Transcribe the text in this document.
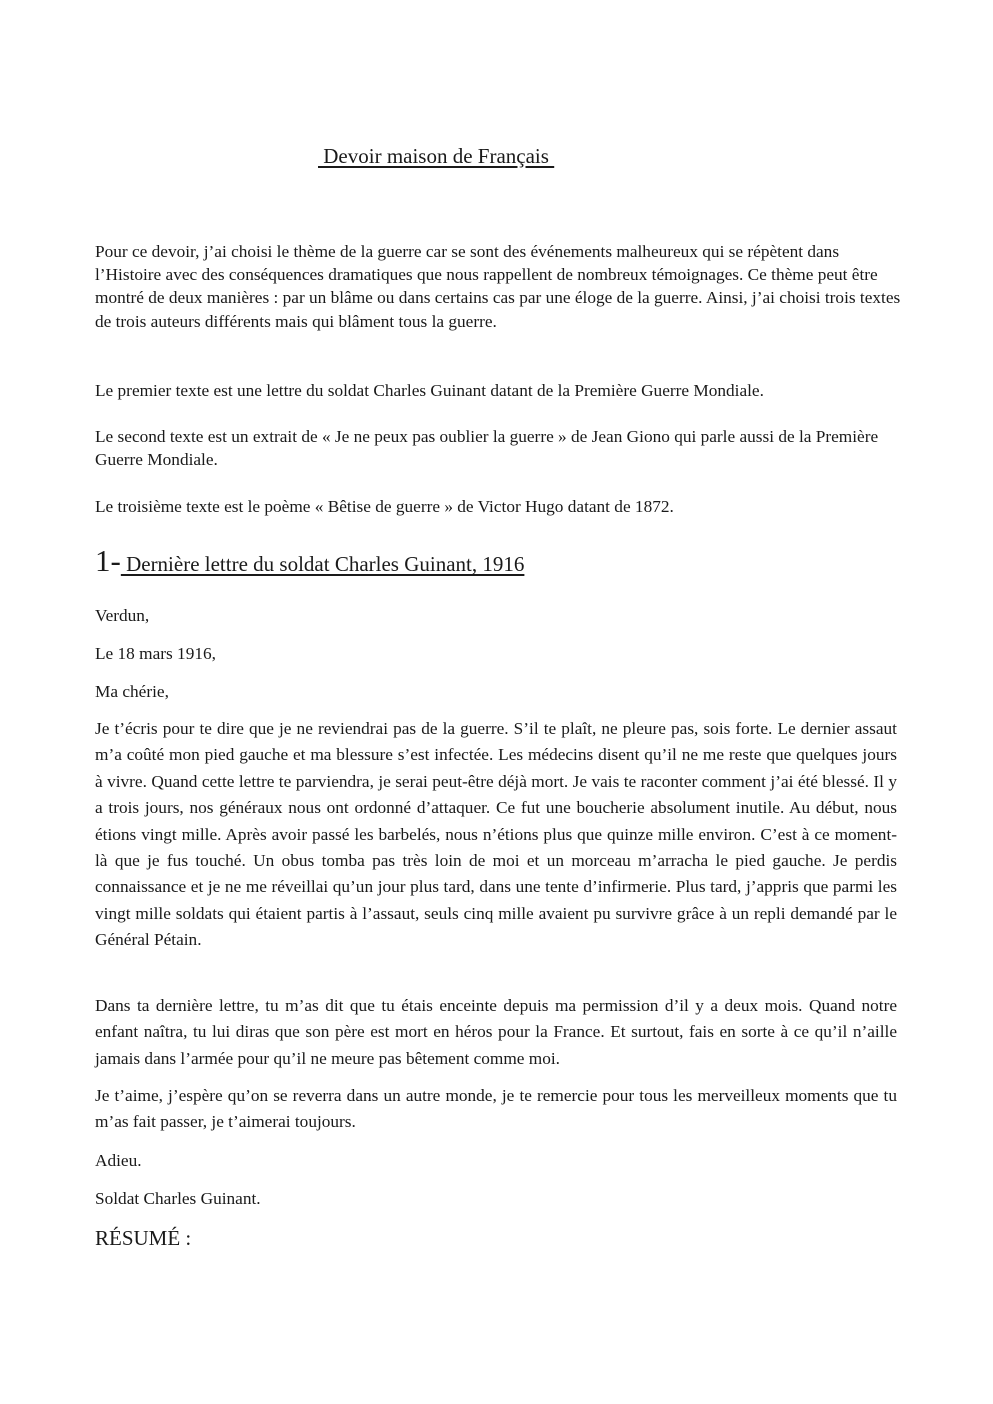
Devoir maison de Français

Pour ce devoir, j’ai choisi le thème de la guerre car se sont des événements malheureux qui se répètent dans l’Histoire avec des conséquences dramatiques que nous rappellent de nombreux témoignages. Ce thème peut être montré de deux manières : par un blâme ou dans certains cas par une éloge de la guerre. Ainsi, j’ai choisi trois textes de trois auteurs différents mais qui blâment tous la guerre.

Le premier texte est une lettre du soldat Charles Guinant datant de la Première Guerre Mondiale.

Le second texte est un extrait de « Je ne peux pas oublier la guerre » de Jean Giono qui parle aussi de la Première Guerre Mondiale.

Le troisième texte est le poème « Bêtise de guerre » de Victor Hugo datant de 1872.

1- Dernière lettre du soldat Charles Guinant, 1916

Verdun,

Le 18 mars 1916,

Ma chérie,

Je t’écris pour te dire que je ne reviendrai pas de la guerre. S’il te plaît, ne pleure pas, sois forte. Le dernier assaut m’a coûté mon pied gauche et ma blessure s’est infectée. Les médecins disent qu’il ne me reste que quelques jours à vivre. Quand cette lettre te parviendra, je serai peut-être déjà mort. Je vais te raconter comment j’ai été blessé. Il y a trois jours, nos généraux nous ont ordonné d’attaquer. Ce fut une boucherie absolument inutile. Au début, nous étions vingt mille. Après avoir passé les barbelés, nous n’étions plus que quinze mille environ. C’est à ce moment-là que je fus touché. Un obus tomba pas très loin de moi et un morceau m’arracha le pied gauche. Je perdis connaissance et je ne me réveillai qu’un jour plus tard, dans une tente d’infirmerie. Plus tard, j’appris que parmi les vingt mille soldats qui étaient partis à l’assaut, seuls cinq mille avaient pu survivre grâce à un repli demandé par le Général Pétain.

Dans ta dernière lettre, tu m’as dit que tu étais enceinte depuis ma permission d’il y a deux mois. Quand notre enfant naîtra, tu lui diras que son père est mort en héros pour la France. Et surtout, fais en sorte à ce qu’il n’aille jamais dans l’armée pour qu’il ne meure pas bêtement comme moi.

Je t’aime, j’espère qu’on se reverra dans un autre monde, je te remercie pour tous les merveilleux moments que tu m’as fait passer, je t’aimerai toujours.

Adieu.

Soldat Charles Guinant.

RÉSUMÉ :
